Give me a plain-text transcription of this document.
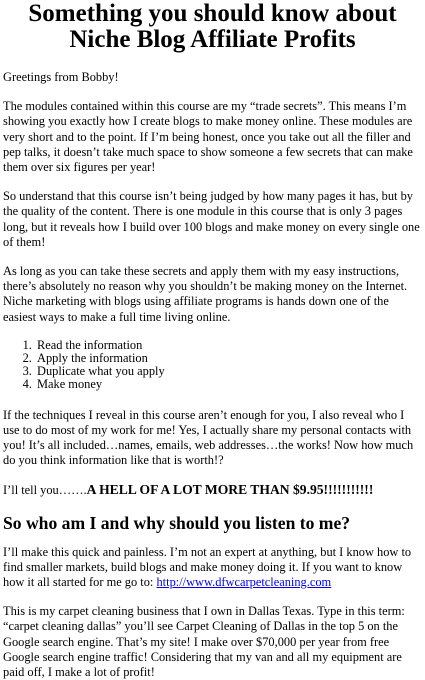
Something you should know about Niche Blog Affiliate Profits

Greetings from Bobby!

The modules contained within this course are my “trade secrets”. This means I’m showing you exactly how I create blogs to make money online. These modules are very short and to the point. If I’m being honest, once you take out all the filler and pep talks, it doesn’t take much space to show someone a few secrets that can make them over six figures per year!

So understand that this course isn’t being judged by how many pages it has, but by the quality of the content. There is one module in this course that is only 3 pages long, but it reveals how I build over 100 blogs and make money on every single one of them!

As long as you can take these secrets and apply them with my easy instructions, there’s absolutely no reason why you shouldn’t be making money on the Internet. Niche marketing with blogs using affiliate programs is hands down one of the easiest ways to make a full time living online.

1. Read the information
2. Apply the information
3. Duplicate what you apply
4. Make money

If the techniques I reveal in this course aren’t enough for you, I also reveal who I use to do most of my work for me! Yes, I actually share my personal contacts with you! It’s all included…names, emails, web addresses…the works! Now how much do you think information like that is worth!?

I’ll tell you…….A HELL OF A LOT MORE THAN $9.95!!!!!!!!!!!

So who am I and why should you listen to me?

I’ll make this quick and painless. I’m not an expert at anything, but I know how to find smaller markets, build blogs and make money doing it. If you want to know how it all started for me go to: http://www.dfwcarpetcleaning.com

This is my carpet cleaning business that I own in Dallas Texas. Type in this term: “carpet cleaning dallas” you’ll see Carpet Cleaning of Dallas in the top 5 on the Google search engine. That’s my site! I make over $70,000 per year from free Google search engine traffic! Considering that my van and all my equipment are paid off, I make a lot of profit!
